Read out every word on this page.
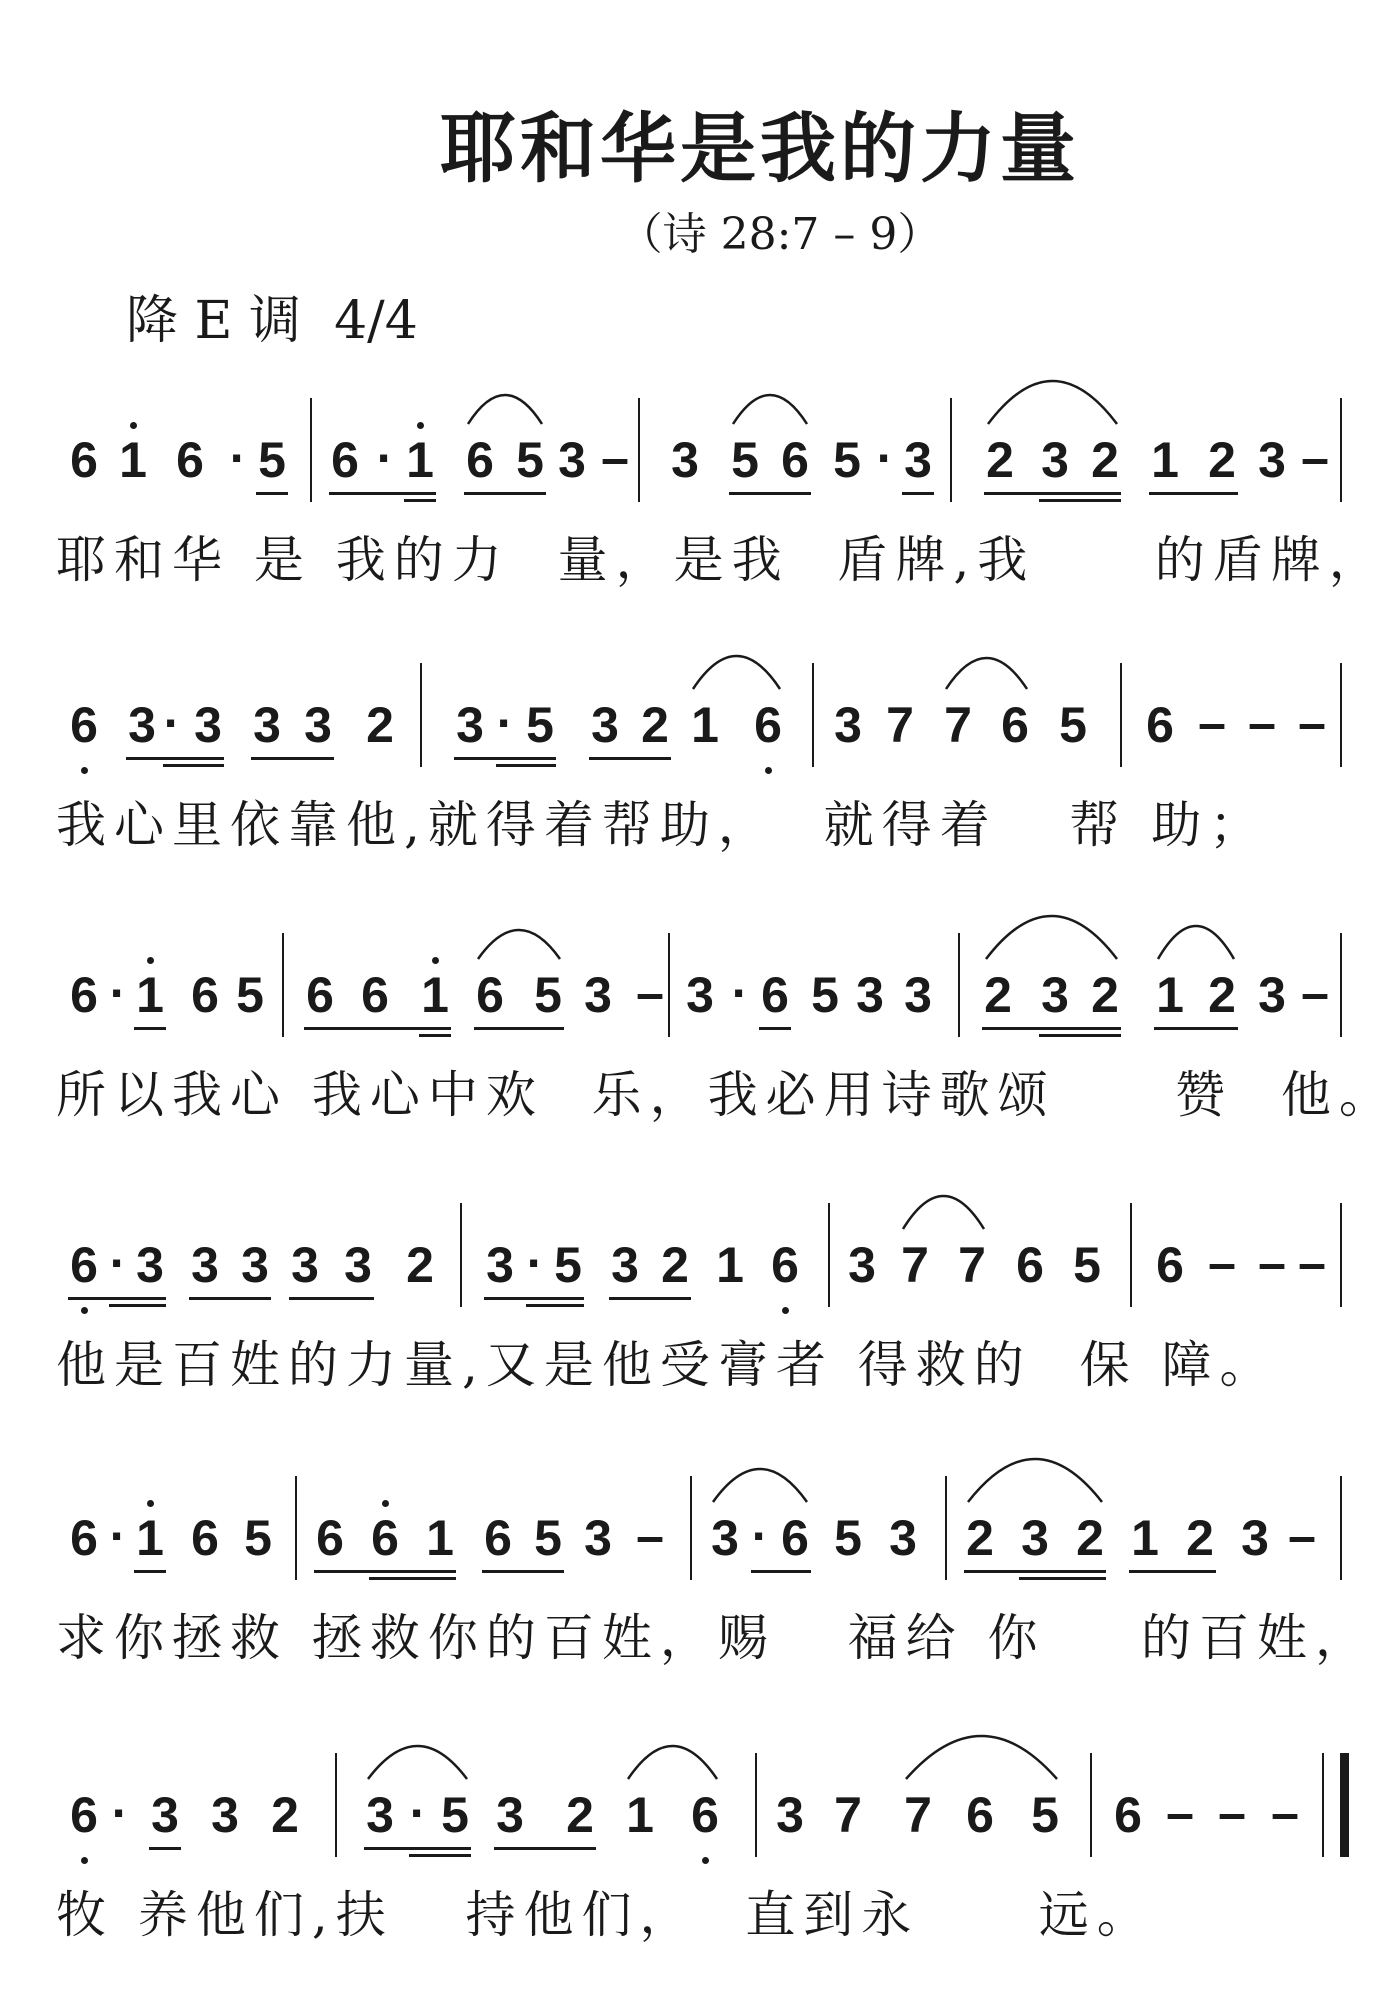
耶和华是我的力量
（诗 28:7 – 9）
降 E 调 4/4
6 1 6 · 5 6 · 1 6 5 3 – 3 5 6 5 · 3 2 3 2 1 2 3 –
耶和华 是 我的力  量，是我  盾牌,我     的盾牌，
6 3 · 3 3 3 2 3 · 5 3 2 1 6 3 7 7 6 5 6 – – –
我心里依靠他,就得着帮助，  就得着   帮 助；
6 · 1 6 5 6 6 1 6 5 3 – 3 · 6 5 3 3 2 3 2 1 2 3 –
所以我心 我心中欢  乐，我必用诗歌颂     赞  他。
6 · 3 3 3 3 3 2 3 · 5 3 2 1 6 3 7 7 6 5 6 – – –
他是百姓的力量,又是他受膏者 得救的  保 障。
6 · 1 6 5 6 6 1 6 5 3 – 3 · 6 5 3 2 3 2 1 2 3 –
求你拯救 拯救你的百姓，赐   福给 你    的百姓，
6 · 3 3 2 3 · 5 3 2 1 6 3 7 7 6 5 6 – – –
牧 养他们,扶   持他们，  直到永     远。
